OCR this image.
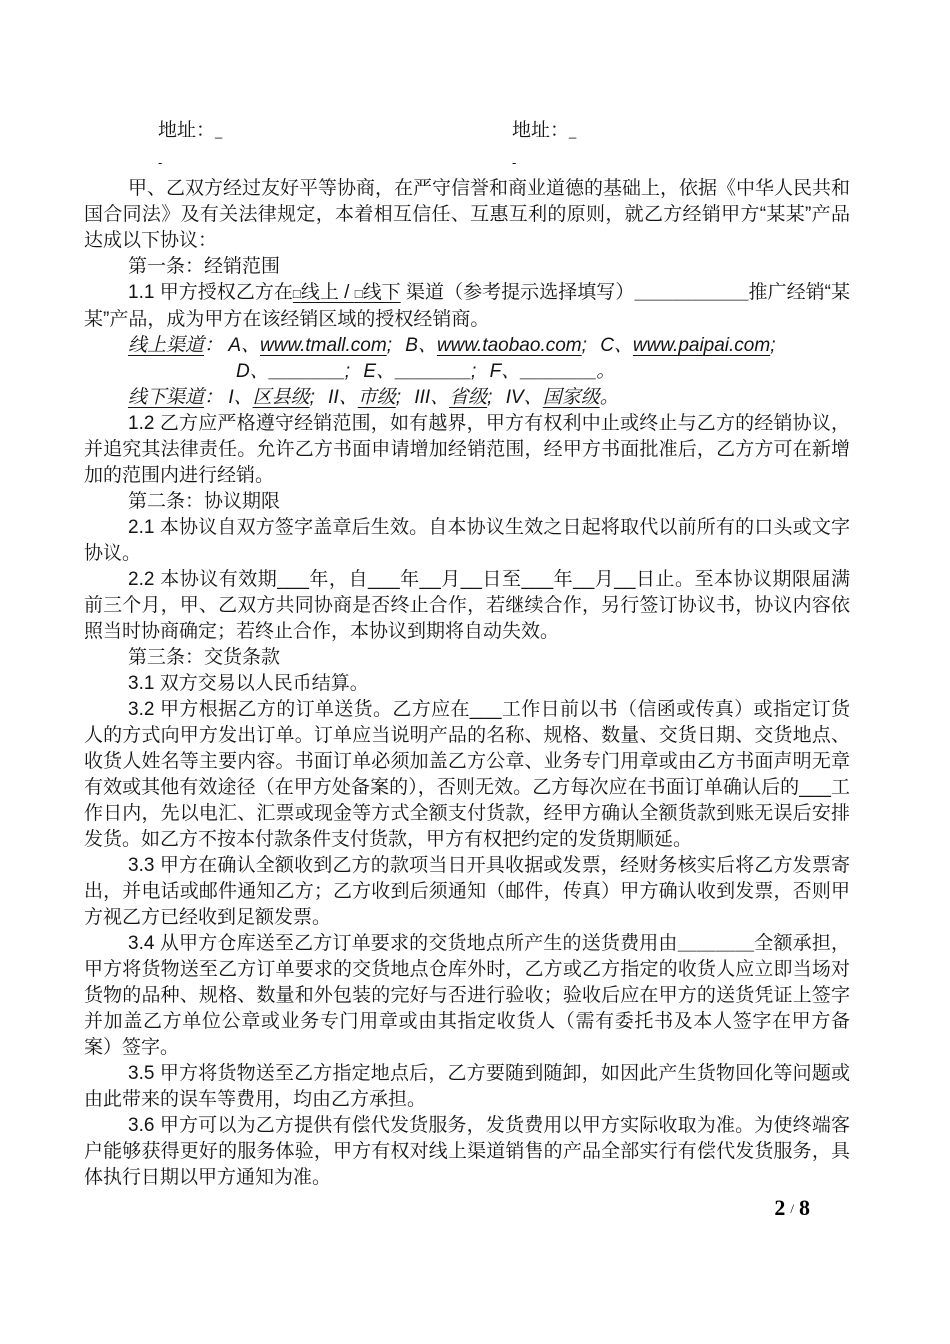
地址：_	地址：_
-	-

甲、乙双方经过友好平等协商，在严守信誉和商业道德的基础上，依据《中华人民共和国合同法》及有关法律规定，本着相互信任、互惠互利的原则，就乙方经销甲方“某某”产品达成以下协议：

第一条：经销范围

1.1 甲方授权乙方在□线上 / □线下 渠道（参考提示选择填写）＿＿＿＿＿＿推广经销“某某”产品，成为甲方在该经销区域的授权经销商。

线上渠道： A、www.tmall.com; B、www.taobao.com; C、www.paipai.com;

D、＿＿＿＿; E、＿＿＿＿; F、＿＿＿＿。

线下渠道： I、区县级; II、市级; III、省级; IV、国家级。

1.2 乙方应严格遵守经销范围，如有越界，甲方有权利中止或终止与乙方的经销协议，并追究其法律责任。允许乙方书面申请增加经销范围，经甲方书面批准后，乙方方可在新增加的范围内进行经销。

第二条：协议期限

2.1 本协议自双方签字盖章后生效。自本协议生效之日起将取代以前所有的口头或文字协议。

2.2 本协议有效期___年，自___年__月__日至___年__月__日止。至本协议期限届满前三个月，甲、乙双方共同协商是否终止合作，若继续合作，另行签订协议书，协议内容依照当时协商确定；若终止合作，本协议到期将自动失效。

第三条：交货条款

3.1 双方交易以人民币结算。

3.2 甲方根据乙方的订单送货。乙方应在___工作日前以书（信函或传真）或指定订货人的方式向甲方发出订单。订单应当说明产品的名称、规格、数量、交货日期、交货地点、收货人姓名等主要内容。书面订单必须加盖乙方公章、业务专门用章或由乙方书面声明无章有效或其他有效途径（在甲方处备案的），否则无效。乙方每次应在书面订单确认后的___工作日内，先以电汇、汇票或现金等方式全额支付货款，经甲方确认全额货款到账无误后安排发货。如乙方不按本付款条件支付货款，甲方有权把约定的发货期顺延。

3.3 甲方在确认全额收到乙方的款项当日开具收据或发票，经财务核实后将乙方发票寄出，并电话或邮件通知乙方；乙方收到后须通知（邮件，传真）甲方确认收到发票，否则甲方视乙方已经收到足额发票。

3.4 从甲方仓库送至乙方订单要求的交货地点所产生的送货费用由＿＿＿＿全额承担，甲方将货物送至乙方订单要求的交货地点仓库外时，乙方或乙方指定的收货人应立即当场对货物的品种、规格、数量和外包装的完好与否进行验收；验收后应在甲方的送货凭证上签字并加盖乙方单位公章或业务专门用章或由其指定收货人（需有委托书及本人签字在甲方备案）签字。

3.5 甲方将货物送至乙方指定地点后，乙方要随到随卸，如因此产生货物回化等问题或由此带来的误车等费用，均由乙方承担。

3.6 甲方可以为乙方提供有偿代发货服务，发货费用以甲方实际收取为准。为使终端客户能够获得更好的服务体验，甲方有权对线上渠道销售的产品全部实行有偿代发货服务，具体执行日期以甲方通知为准。

2 / 8
